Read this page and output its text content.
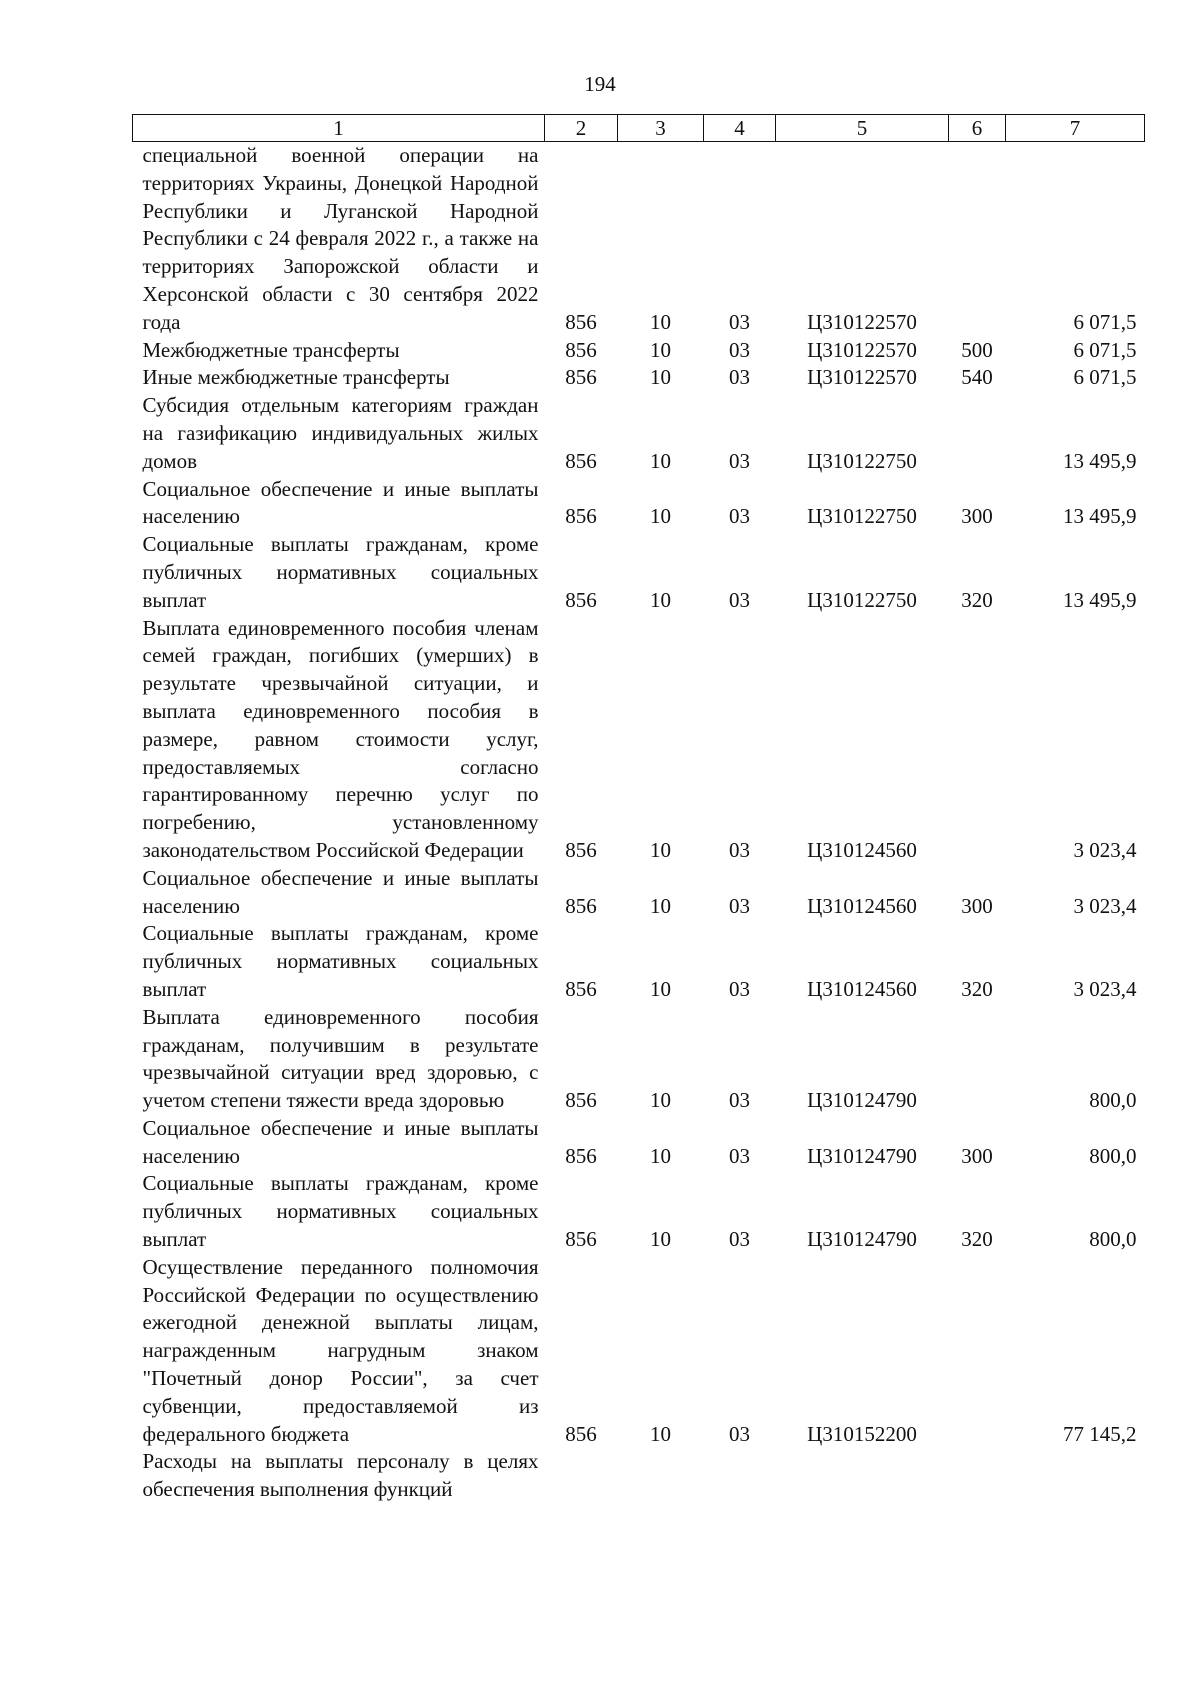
194
1	2	3	4	5	6	7
специальной военной операции на территориях Украины, Донецкой Народной Республики и Луганской Народной Республики с 24 февраля 2022 г., а также на территориях Запорожской области и Херсонской области с 30 сентября 2022 года	856	10	03	Ц310122570		6 071,5
Межбюджетные трансферты	856	10	03	Ц310122570	500	6 071,5
Иные межбюджетные трансферты	856	10	03	Ц310122570	540	6 071,5
Субсидия отдельным категориям граждан на газификацию индивидуальных жилых домов	856	10	03	Ц310122750		13 495,9
Социальное обеспечение и иные выплаты населению	856	10	03	Ц310122750	300	13 495,9
Социальные выплаты гражданам, кроме публичных нормативных социальных выплат	856	10	03	Ц310122750	320	13 495,9
Выплата единовременного пособия членам семей граждан, погибших (умерших) в результате чрезвычайной ситуации, и выплата единовременного пособия в размере, равном стоимости услуг, предоставляемых согласно гарантированному перечню услуг по погребению, установленному законодательством Российской Федерации	856	10	03	Ц310124560		3 023,4
Социальное обеспечение и иные выплаты населению	856	10	03	Ц310124560	300	3 023,4
Социальные выплаты гражданам, кроме публичных нормативных социальных выплат	856	10	03	Ц310124560	320	3 023,4
Выплата единовременного пособия гражданам, получившим в результате чрезвычайной ситуации вред здоровью, с учетом степени тяжести вреда здоровью	856	10	03	Ц310124790		800,0
Социальное обеспечение и иные выплаты населению	856	10	03	Ц310124790	300	800,0
Социальные выплаты гражданам, кроме публичных нормативных социальных выплат	856	10	03	Ц310124790	320	800,0
Осуществление переданного полномочия Российской Федерации по осуществлению ежегодной денежной выплаты лицам, награжденным нагрудным знаком "Почетный донор России", за счет субвенции, предоставляемой из федерального бюджета	856	10	03	Ц310152200		77 145,2
Расходы на выплаты персоналу в целях обеспечения выполнения функций						
